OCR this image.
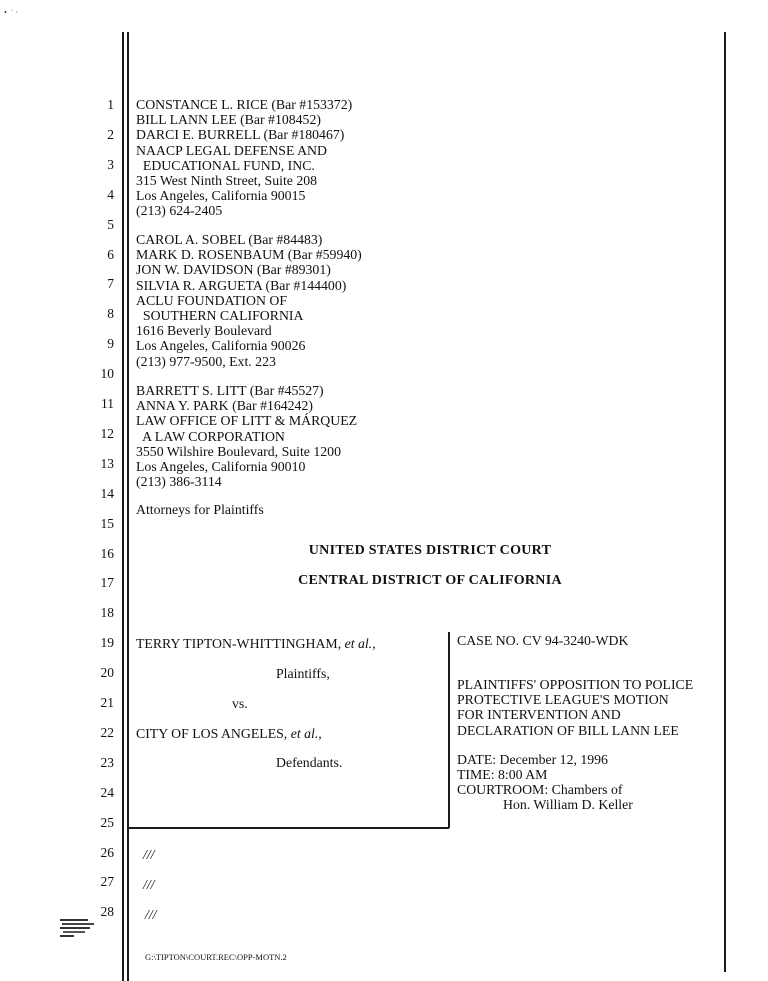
•  ˙ ·
1
2
3
4
5
6
7
8
9
10
11
12
13
14
15
16
17
18
19
20
21
22
23
24
25
26
27
28
CONSTANCE L. RICE (Bar #153372)
BILL LANN LEE (Bar #108452)
DARCI E. BURRELL (Bar #180467)
NAACP LEGAL DEFENSE AND
EDUCATIONAL FUND, INC.
315 West Ninth Street, Suite 208
Los Angeles, California 90015
(213) 624-2405
CAROL A. SOBEL (Bar #84483)
MARK D. ROSENBAUM (Bar #59940)
JON W. DAVIDSON (Bar #89301)
SILVIA R. ARGUETA (Bar #144400)
ACLU FOUNDATION OF
SOUTHERN CALIFORNIA
1616 Beverly Boulevard
Los Angeles, California 90026
(213) 977-9500, Ext. 223
BARRETT S. LITT (Bar #45527)
ANNA Y. PARK (Bar #164242)
LAW OFFICE OF LITT & MÁRQUEZ
A LAW CORPORATION
3550 Wilshire Boulevard, Suite 1200
Los Angeles, California 90010
(213) 386-3114
Attorneys for Plaintiffs
UNITED STATES DISTRICT COURT
CENTRAL DISTRICT OF CALIFORNIA
TERRY TIPTON-WHITTINGHAM, et al.,
Plaintiffs,
vs.
CITY OF LOS ANGELES, et al.,
Defendants.
CASE NO. CV 94-3240-WDK
PLAINTIFFS' OPPOSITION TO POLICE
PROTECTIVE LEAGUE'S MOTION
FOR INTERVENTION AND
DECLARATION OF BILL LANN LEE
DATE: December 12, 1996
TIME: 8:00 AM
COURTROOM: Chambers of
Hon. William D. Keller
///
///
///
G:\TIPTON\COURT.REC\OPP-MOTN.2
